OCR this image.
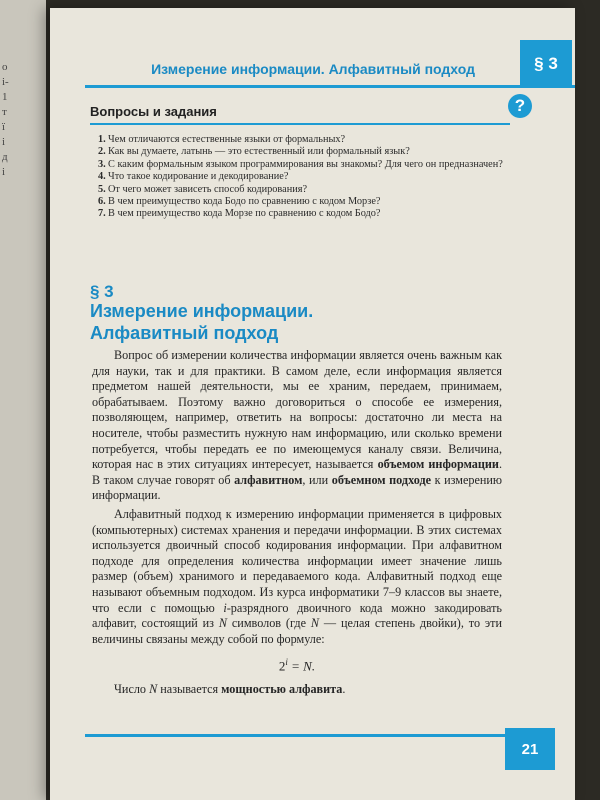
о
і-
1
т
ї
і
д
і
Измерение информации. Алфавитный подход	§ 3
Вопросы и задания	?
1. Чем отличаются естественные языки от формальных?
2. Как вы думаете, латынь — это естественный или формальный язык?
3. С каким формальным языком программирования вы знакомы? Для чего он предназначен?
4. Что такое кодирование и декодирование?
5. От чего может зависеть способ кодирования?
6. В чем преимущество кода Бодо по сравнению с кодом Морзе?
7. В чем преимущество кода Морзе по сравнению с кодом Бодо?
§ 3
Измерение информации. Алфавитный подход

Вопрос об измерении количества информации является очень важным как для науки, так и для практики. В самом деле, если информация является предметом нашей деятельности, мы ее храним, передаем, принимаем, обрабатываем. Поэтому важно договориться о способе ее измерения, позволяющем, например, ответить на вопросы: достаточно ли места на носителе, чтобы разместить нужную нам информацию, или сколько времени потребуется, чтобы передать ее по имеющемуся каналу связи. Величина, которая нас в этих ситуациях интересует, называется объемом информации. В таком случае говорят об алфавитном, или объемном подходе к измерению информации.

Алфавитный подход к измерению информации применяется в цифровых (компьютерных) системах хранения и передачи информации. В этих системах используется двоичный способ кодирования информации. При алфавитном подходе для определения количества информации имеет значение лишь размер (объем) хранимого и передаваемого кода. Алфавитный подход еще называют объемным подходом. Из курса информатики 7–9 классов вы знаете, что если с помощью i-разрядного двоичного кода можно закодировать алфавит, состоящий из N символов (где N — целая степень двойки), то эти величины связаны между собой по формуле:

$2^i = N$.

Число N называется мощностью алфавита.

21
